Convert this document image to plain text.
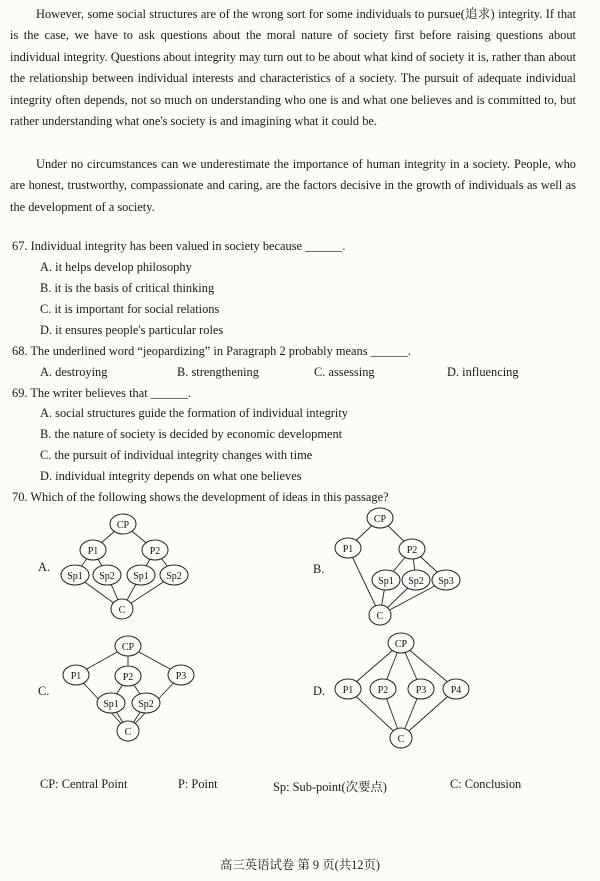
However, some social structures are of the wrong sort for some individuals to pursue(追求) integrity. If that is the case, we have to ask questions about the moral nature of society first before raising questions about individual integrity. Questions about integrity may turn out to be about what kind of society it is, rather than about the relationship between individual interests and characteristics of a society. The pursuit of adequate individual integrity often depends, not so much on understanding who one is and what one believes and is committed to, but rather understanding what one's society is and imagining what it could be.

Under no circumstances can we underestimate the importance of human integrity in a society. People, who are honest, trustworthy, compassionate and caring, are the factors decisive in the growth of individuals as well as the development of a society.

67. Individual integrity has been valued in society because ______.
A. it helps develop philosophy
B. it is the basis of critical thinking
C. it is important for social relations
D. it ensures people's particular roles
68. The underlined word “jeopardizing” in Paragraph 2 probably means ______.
A. destroying	B. strengthening	C. assessing	D. influencing
69. The writer believes that ______.
A. social structures guide the formation of individual integrity
B. the nature of society is decided by economic development
C. the pursuit of individual integrity changes with time
D. individual integrity depends on what one believes
70. Which of the following shows the development of ideas in this passage?
A.	B.
C.	D.
CP
P1	P2
Sp1 Sp2 Sp1 Sp2
C
CP
P1	P2
Sp1 Sp2 Sp3
C
CP
P1	P2	P3
Sp1 Sp2
C
CP
P1 P2	P3 P4
C
CP: Central Point	P: Point	Sp: Sub-point(次要点)	C: Conclusion
高三英语试卷 第 9 页(共12页)
